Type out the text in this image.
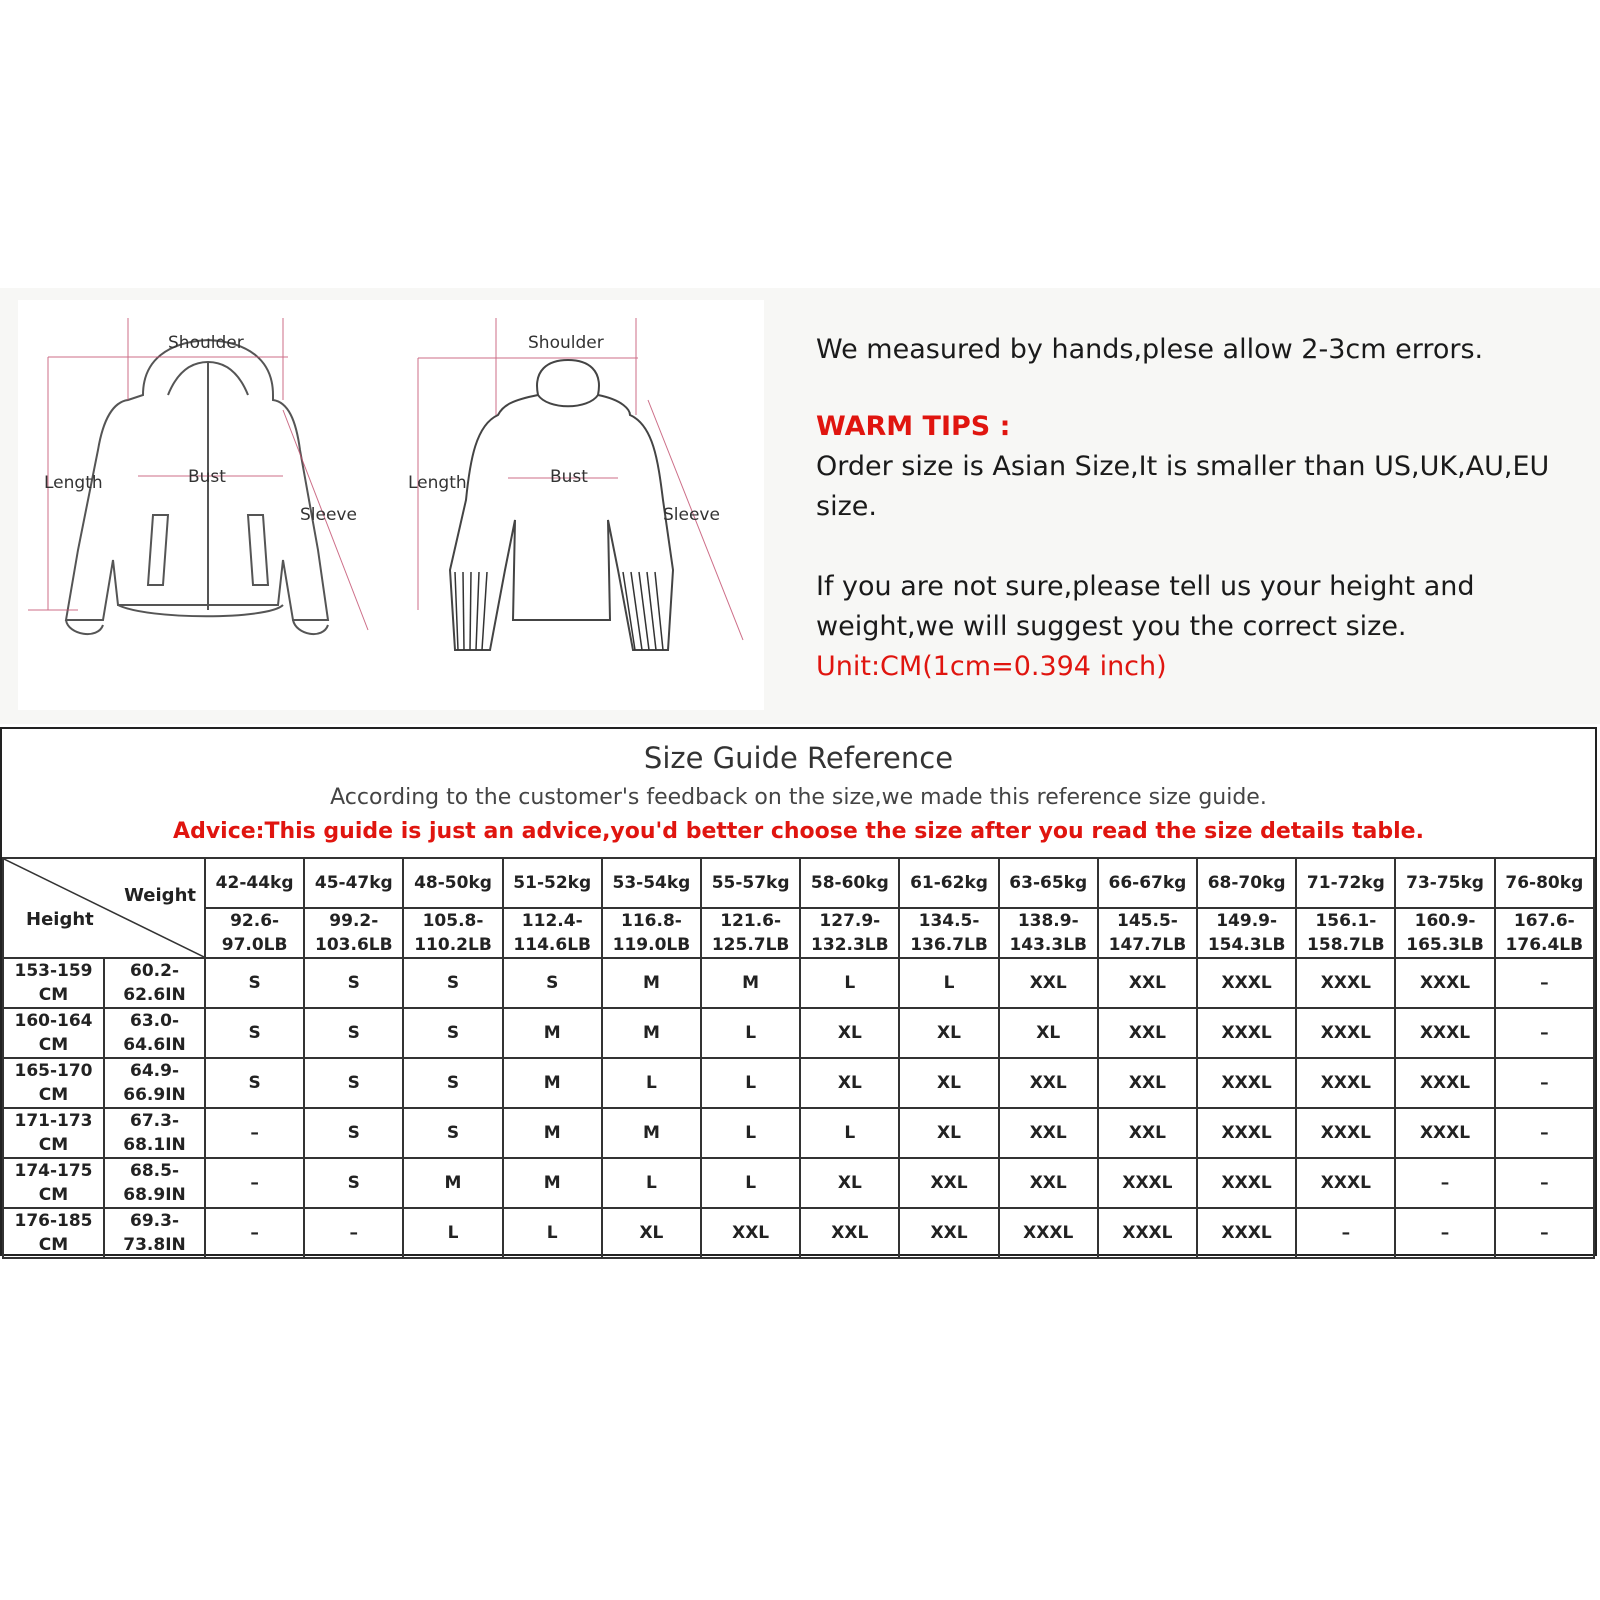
Shoulder
Length	Bust
Sleeve
Shoulder
Length	Bust
Sleeve

We measured by hands,plese allow 2-3cm errors.

WARM TIPS :

Order size is Asian Size,It is smaller than US,UK,AU,EU

size.

If you are not sure,please tell us your height and

weight,we will suggest you the correct size.

Unit:CM(1cm=0.394 inch)

Size Guide Reference
According to the customer's feedback on the size,we made this reference size guide.
Advice:This guide is just an advice,you'd better choose the size after you read the size details table.
Weight
Height		42-44kg	45-47kg	48-50kg	51-52kg	53-54kg	55-57kg	58-60kg	61-62kg	63-65kg	66-67kg	68-70kg	71-72kg	73-75kg	76-80kg
		92.6-
97.0LB	99.2-
103.6LB	105.8-
110.2LB	112.4-
114.6LB	116.8-
119.0LB	121.6-
125.7LB	127.9-
132.3LB	134.5-
136.7LB	138.9-
143.3LB	145.5-
147.7LB	149.9-
154.3LB	156.1-
158.7LB	160.9-
165.3LB	167.6-
176.4LB
153-159
CM	60.2-
62.6IN	S	S	S	S	M	M	L	L	XXL	XXL	XXXL	XXXL	XXXL	–
160-164
CM	63.0-
64.6IN	S	S	S	M	M	L	XL	XL	XL	XXL	XXXL	XXXL	XXXL	–
165-170
CM	64.9-
66.9IN	S	S	S	M	L	L	XL	XL	XXL	XXL	XXXL	XXXL	XXXL	–
171-173
CM	67.3-
68.1IN	–	S	S	M	M	L	L	XL	XXL	XXL	XXXL	XXXL	XXXL	–
174-175
CM	68.5-
68.9IN	–	S	M	M	L	L	XL	XXL	XXL	XXXL	XXXL	XXXL	–	–
176-185
CM	69.3-
73.8IN	–	–	L	L	XL	XXL	XXL	XXL	XXXL	XXXL	XXXL	–	–	–
